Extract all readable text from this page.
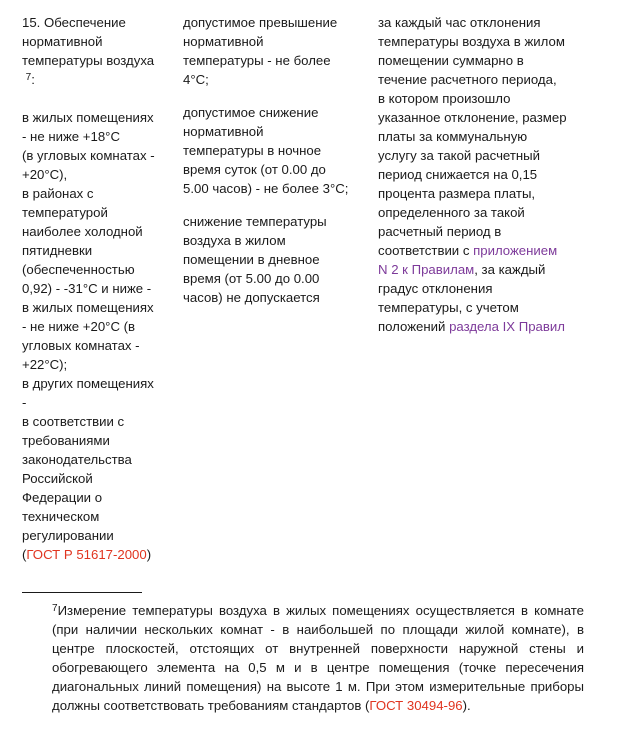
15. Обеспечение
нормативной
температуры воздуха
$^7$:

в жилых помещениях
- не ниже +18°С
(в угловых комнатах -
+20°С),
в районах с
температурой
наиболее холодной
пятидневки
(обеспеченностью
0,92) - -31°С и ниже -
в жилых помещениях
- не ниже +20°С (в
угловых комнатах -
+22°С);
в других помещениях
-
в соответствии с
требованиями
законодательства
Российской
Федерации о
техническом
регулировании
(ГОСТ Р 51617-2000)

допустимое превышение
нормативной
температуры - не более
4°С;

допустимое снижение
нормативной
температуры в ночное
время суток (от 0.00 до
5.00 часов) - не более 3°С;

снижение температуры
воздуха в жилом
помещении в дневное
время (от 5.00 до 0.00
часов) не допускается

за каждый час отклонения
температуры воздуха в жилом
помещении суммарно в
течение расчетного периода,
в котором произошло
указанное отклонение, размер
платы за коммунальную
услугу за такой расчетный
период снижается на 0,15
процента размера платы,
определенного за такой
расчетный период в
соответствии с приложением
N 2 к Правилам, за каждый
градус отклонения
температуры, с учетом
положений раздела IX Правил

$^7$Измерение температуры воздуха в жилых помещениях осуществляется в комнате (при наличии нескольких комнат - в наибольшей по площади жилой комнате), в центре плоскостей, отстоящих от внутренней поверхности наружной стены и обогревающего элемента на 0,5 м и в центре помещения (точке пересечения диагональных линий помещения) на высоте 1 м. При этом измерительные приборы должны соответствовать требованиям стандартов (ГОСТ 30494-96).
